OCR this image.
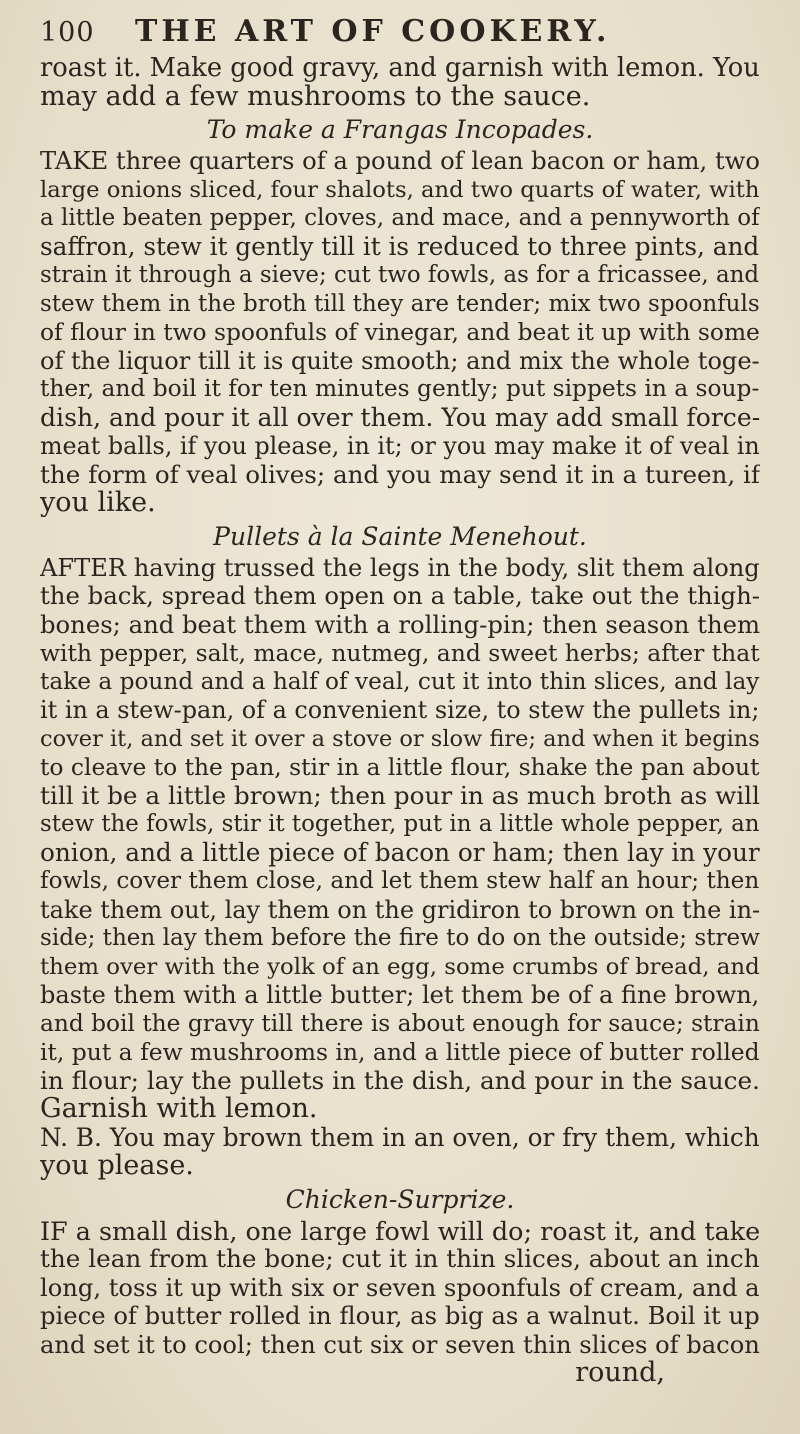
100	THE ART OF COOKERY.

roast it. Make good gravy, and garnish with lemon. You

may add a few mushrooms to the sauce.

To make a Frangas Incopades.

TAKE three quarters of a pound of lean bacon or ham, two

large onions sliced, four shalots, and two quarts of water, with

a little beaten pepper, cloves, and mace, and a pennyworth of

saffron, stew it gently till it is reduced to three pints, and

strain it through a sieve; cut two fowls, as for a fricassee, and

stew them in the broth till they are tender; mix two spoonfuls

of flour in two spoonfuls of vinegar, and beat it up with some

of the liquor till it is quite smooth; and mix the whole toge-

ther, and boil it for ten minutes gently; put sippets in a soup-

dish, and pour it all over them. You may add small force-

meat balls, if you please, in it; or you may make it of veal in

the form of veal olives; and you may send it in a tureen, if

you like.

Pullets à la Sainte Menehout.

AFTER having trussed the legs in the body, slit them along

the back, spread them open on a table, take out the thigh-

bones; and beat them with a rolling-pin; then season them

with pepper, salt, mace, nutmeg, and sweet herbs; after that

take a pound and a half of veal, cut it into thin slices, and lay

it in a stew-pan, of a convenient size, to stew the pullets in;

cover it, and set it over a stove or slow fire; and when it begins

to cleave to the pan, stir in a little flour, shake the pan about

till it be a little brown; then pour in as much broth as will

stew the fowls, stir it together, put in a little whole pepper, an

onion, and a little piece of bacon or ham; then lay in your

fowls, cover them close, and let them stew half an hour; then

take them out, lay them on the gridiron to brown on the in-

side; then lay them before the fire to do on the outside; strew

them over with the yolk of an egg, some crumbs of bread, and

baste them with a little butter; let them be of a fine brown,

and boil the gravy till there is about enough for sauce; strain

it, put a few mushrooms in, and a little piece of butter rolled

in flour; lay the pullets in the dish, and pour in the sauce.

Garnish with lemon.

N. B. You may brown them in an oven, or fry them, which

you please.

Chicken-Surprize.

IF a small dish, one large fowl will do; roast it, and take

the lean from the bone; cut it in thin slices, about an inch

long, toss it up with six or seven spoonfuls of cream, and a

piece of butter rolled in flour, as big as a walnut. Boil it up

and set it to cool; then cut six or seven thin slices of bacon

round,
